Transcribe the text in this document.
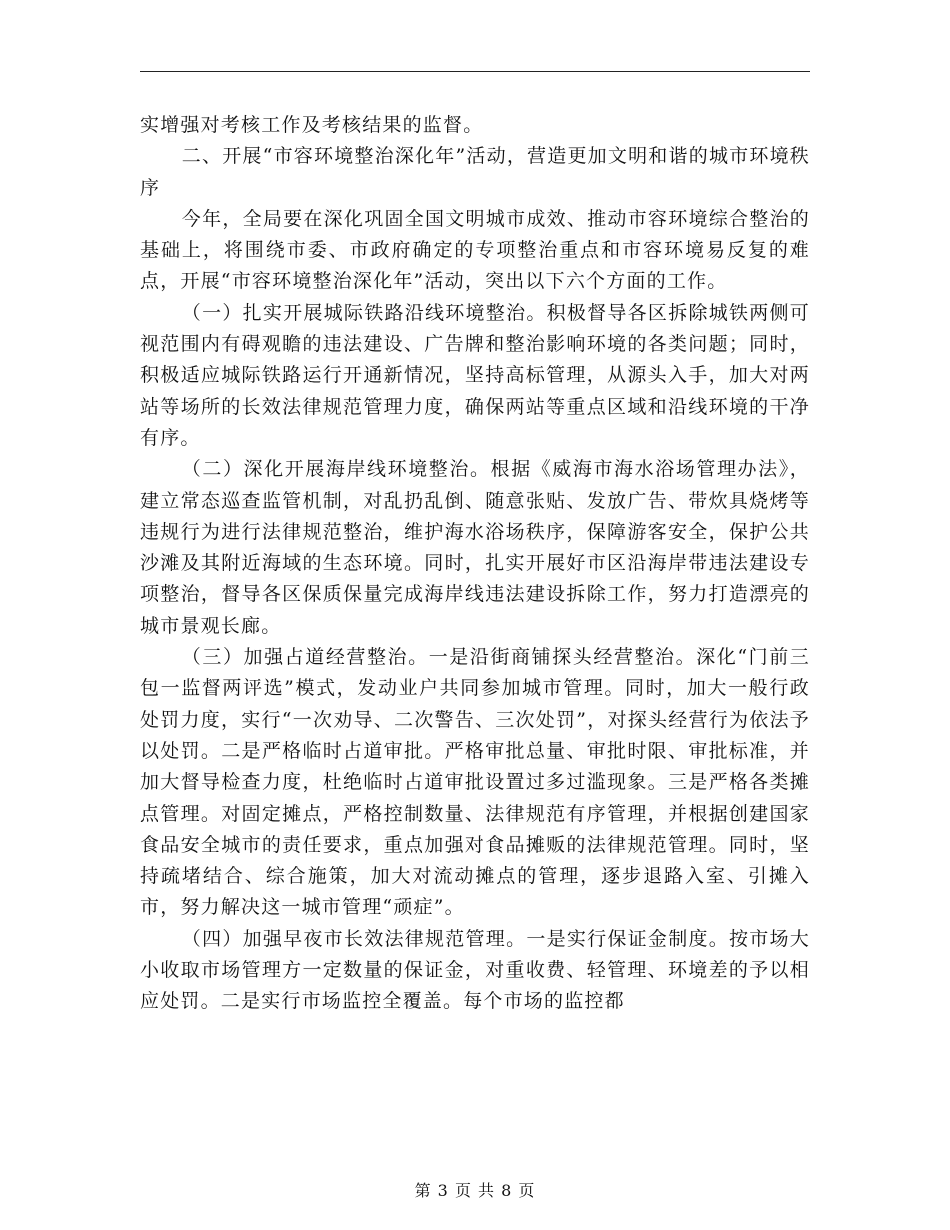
实增强对考核工作及考核结果的监督。

二、开展“市容环境整治深化年”活动，营造更加文明和谐的城市环境秩序

今年，全局要在深化巩固全国文明城市成效、推动市容环境综合整治的基础上，将围绕市委、市政府确定的专项整治重点和市容环境易反复的难点，开展“市容环境整治深化年”活动，突出以下六个方面的工作。

（一）扎实开展城际铁路沿线环境整治。积极督导各区拆除城铁两侧可视范围内有碍观瞻的违法建设、广告牌和整治影响环境的各类问题；同时，积极适应城际铁路运行开通新情况，坚持高标管理，从源头入手，加大对两站等场所的长效法律规范管理力度，确保两站等重点区域和沿线环境的干净有序。

（二）深化开展海岸线环境整治。根据《威海市海水浴场管理办法》，建立常态巡查监管机制，对乱扔乱倒、随意张贴、发放广告、带炊具烧烤等违规行为进行法律规范整治，维护海水浴场秩序，保障游客安全，保护公共沙滩及其附近海域的生态环境。同时，扎实开展好市区沿海岸带违法建设专项整治，督导各区保质保量完成海岸线违法建设拆除工作，努力打造漂亮的城市景观长廊。

（三）加强占道经营整治。一是沿街商铺探头经营整治。深化“门前三包一监督两评选”模式，发动业户共同参加城市管理。同时，加大一般行政处罚力度，实行“一次劝导、二次警告、三次处罚”，对探头经营行为依法予以处罚。二是严格临时占道审批。严格审批总量、审批时限、审批标准，并加大督导检查力度，杜绝临时占道审批设置过多过滥现象。三是严格各类摊点管理。对固定摊点，严格控制数量、法律规范有序管理，并根据创建国家食品安全城市的责任要求，重点加强对食品摊贩的法律规范管理。同时，坚持疏堵结合、综合施策，加大对流动摊点的管理，逐步退路入室、引摊入市，努力解决这一城市管理“顽症”。

（四）加强早夜市长效法律规范管理。一是实行保证金制度。按市场大小收取市场管理方一定数量的保证金，对重收费、轻管理、环境差的予以相应处罚。二是实行市场监控全覆盖。每个市场的监控都

第 3 页 共 8 页
